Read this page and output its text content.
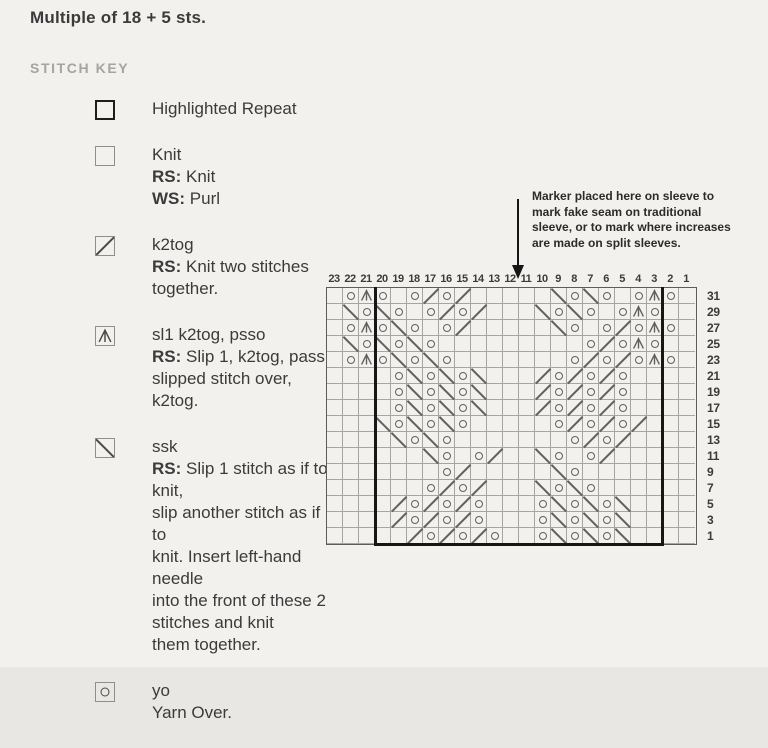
Multiple of 18 + 5 sts.
STITCH KEY
Highlighted Repeat
Knit
RS: Knit
WS: Purl
k2tog
RS: Knit two stitches
together.
sl1 k2tog, psso
RS: Slip 1, k2tog, pass
slipped stitch over, k2tog.
ssk
RS: Slip 1 stitch as if to knit,
slip another stitch as if to
knit. Insert left-hand needle
into the front of these 2
stitches and knit
them together.
yo
Yarn Over.
Marker placed here on sleeve to
mark fake seam on traditional
sleeve, or to mark where increases
are made on split sleeves.
23 22 21 20 19 18 17 16 15 14 13 12 11 10 9 8 7 6 5 4 3 2 1
31
29
27
25
23
21
19
17
15
13
11
9
7
5
3
1
